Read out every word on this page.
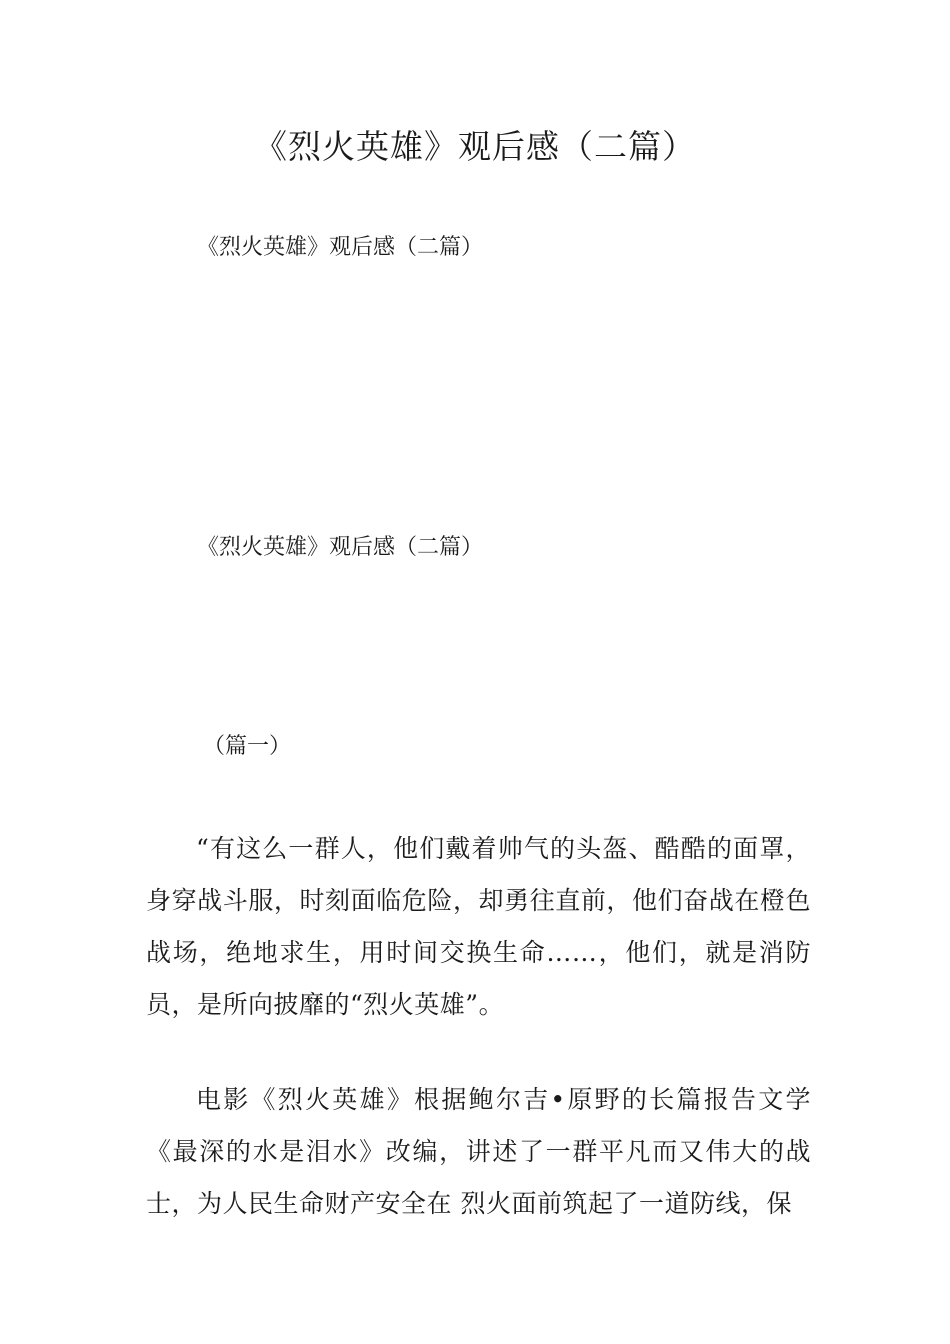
《烈火英雄》观后感（二篇）

《烈火英雄》观后感（二篇）

《烈火英雄》观后感（二篇）

（篇一）

“有这么一群人，他们戴着帅气的头盔、酷酷的面罩，身穿战斗服，时刻面临危险，却勇往直前，他们奋战在橙色战场，绝地求生，用时间交换生命……，他们，就是消防员，是所向披靡的“烈火英雄”。

电影《烈火英雄》根据鲍尔吉•原野的长篇报告文学《最深的水是泪水》改编，讲述了一群平凡而又伟大的战士，为人民生命财产安全在 烈火面前筑起了一道防线，保
